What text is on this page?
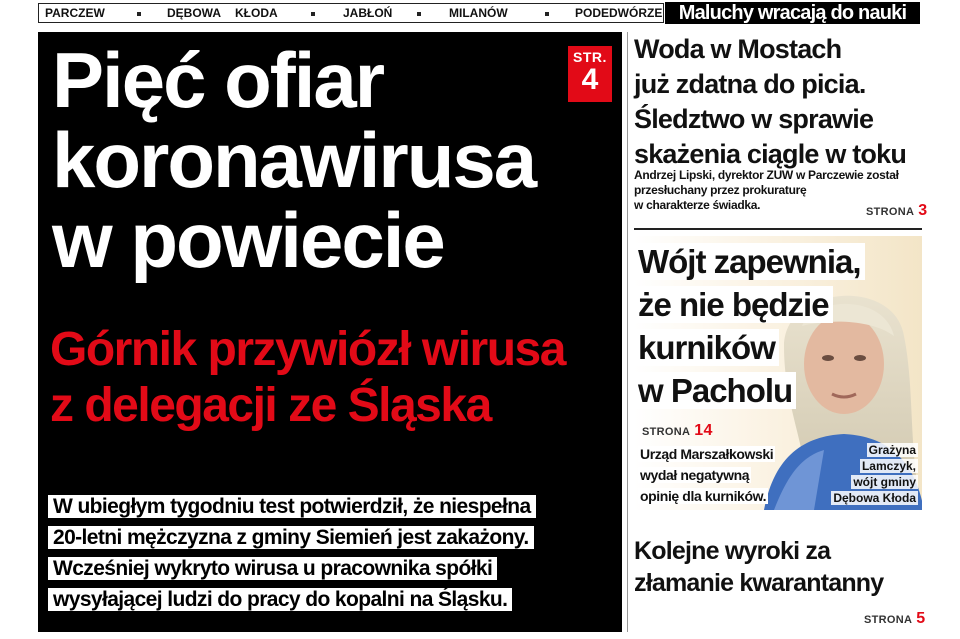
PARCZEW	DĘBOWA KŁODA	JABŁOŃ	MILANÓW	PODEDWÓRZE Maluchy wracają do nauki
Pięć ofiar
koronawirusa
w powiecie
STR.
4
Górnik przywiózł wirusa
z delegacji ze Śląska

W ubiegłym tygodniu test potwierdził, że niespełna
20-letni mężczyzna z gminy Siemień jest zakażony.
Wcześniej wykryto wirusa u pracownika spółki
wysyłającej ludzi do pracy do kopalni na Śląsku.

Woda w Mostach
już zdatna do picia.
Śledztwo w sprawie
skażenia ciągle w toku

Andrzej Lipski, dyrektor ZUW w Parczewie został
przesłuchany przez prokuraturę
w charakterze świadka.	STRONA 3
Wójt zapewnia,
że nie będzie
kurników
w Pacholu
STRONA 14

Urząd Marszałkowski
wydał negatywną
opinię dla kurników.

Grażyna
Lamczyk,
wójt gminy
Dębowa Kłoda

Kolejne wyroki za
złamanie kwarantanny
STRONA 5
